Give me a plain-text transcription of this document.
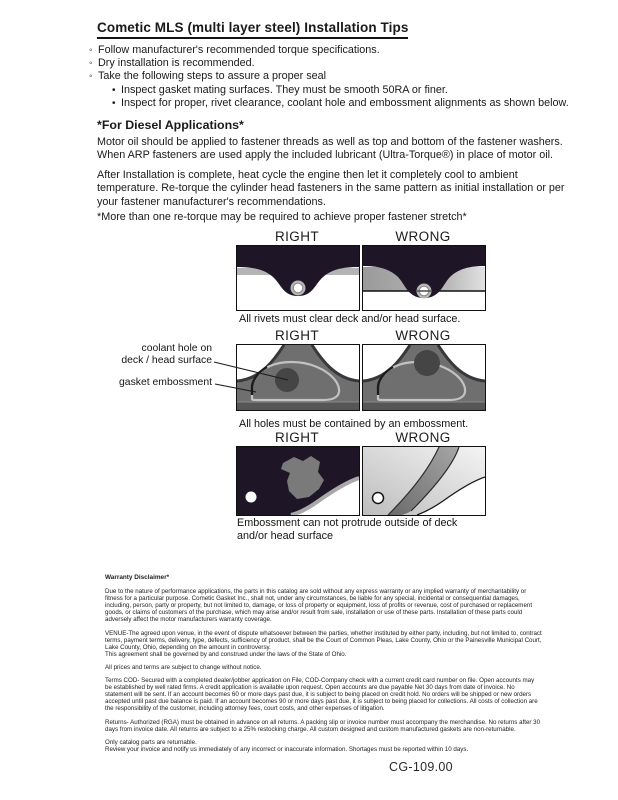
Cometic MLS (multi layer steel) Installation Tips
◦ Follow manufacturer's recommended torque specifications.
◦ Dry installation is recommended.
◦ Take the following steps to assure a proper seal
• Inspect gasket mating surfaces. They must be smooth 50RA or finer.
• Inspect for proper, rivet clearance, coolant hole and embossment alignments as shown below.
*For Diesel Applications*
Motor oil should be applied to fastener threads as well as top and bottom of the fastener washers. When ARP fasteners are used apply the included lubricant (Ultra-Torque®) in place of motor oil.
After Installation is complete, heat cycle the engine then let it completely cool to ambient temperature. Re-torque the cylinder head fasteners in the same pattern as initial installation or per your fastener manufacturer's recommendations.
*More than one re-torque may be required to achieve proper fastener stretch*
RIGHT	WRONG
All rivets must clear deck and/or head surface.
RIGHT	WRONG
coolant hole on
deck / head surface
gasket embossment
All holes must be contained by an embossment.
RIGHT	WRONG
Embossment can not protrude outside of deck
and/or head surface

Warranty Disclaimer*

Due to the nature of performance applications, the parts in this catalog are sold without any express warranty or any implied warranty of merchantability or fitness for a particular purpose. Cometic Gasket Inc., shall not, under any circumstances, be liable for any special, incidental or consequential damages, including, person, party or property, but not limited to, damage, or loss of property or equipment, loss of profits or revenue, cost of purchased or replacement goods, or claims of customers of the purchase, which may arise and/or result from sale, installation or use of these parts. Installation of these parts could adversely affect the motor manufacturers warranty coverage.

VENUE-The agreed upon venue, in the event of dispute whatsoever between the parties, whether instituted by either party, including, but not limited to, contract terms, payment terms, delivery, type, defects, sufficiency of product, shall be the Court of Common Pleas, Lake County, Ohio or the Painesville Municipal Court, Lake County, Ohio, depending on the amount in controversy.

This agreement shall be governed by and construed under the laws of the State of Ohio.

All prices and terms are subject to change without notice.

Terms COD- Secured with a completed dealer/jobber application on File, COD-Company check with a current credit card number on file. Open accounts may be established by well rated firms. A credit application is available upon request. Open accounts are due payable Net 30 days from date of invoice. No statement will be sent. If an account becomes 60 or more days past due, it is subject to being placed on credit hold. No orders will be shipped or new orders accepted until past due balance is paid. If an account becomes 90 or more days past due, it is subject to being placed for collections. All costs of collection are the responsibility of the customer, including attorney fees, court costs, and other expenses of litigation.

Returns- Authorized (RGA) must be obtained in advance on all returns. A packing slip or invoice number must accompany the merchandise. No returns after 30 days from invoice date. All returns are subject to a 25% restocking charge. All custom designed and custom manufactured gaskets are non-returnable.

Only catalog parts are returnable.

Review your invoice and notify us immediately of any incorrect or inaccurate information. Shortages must be reported within 10 days.

CG-109.00
